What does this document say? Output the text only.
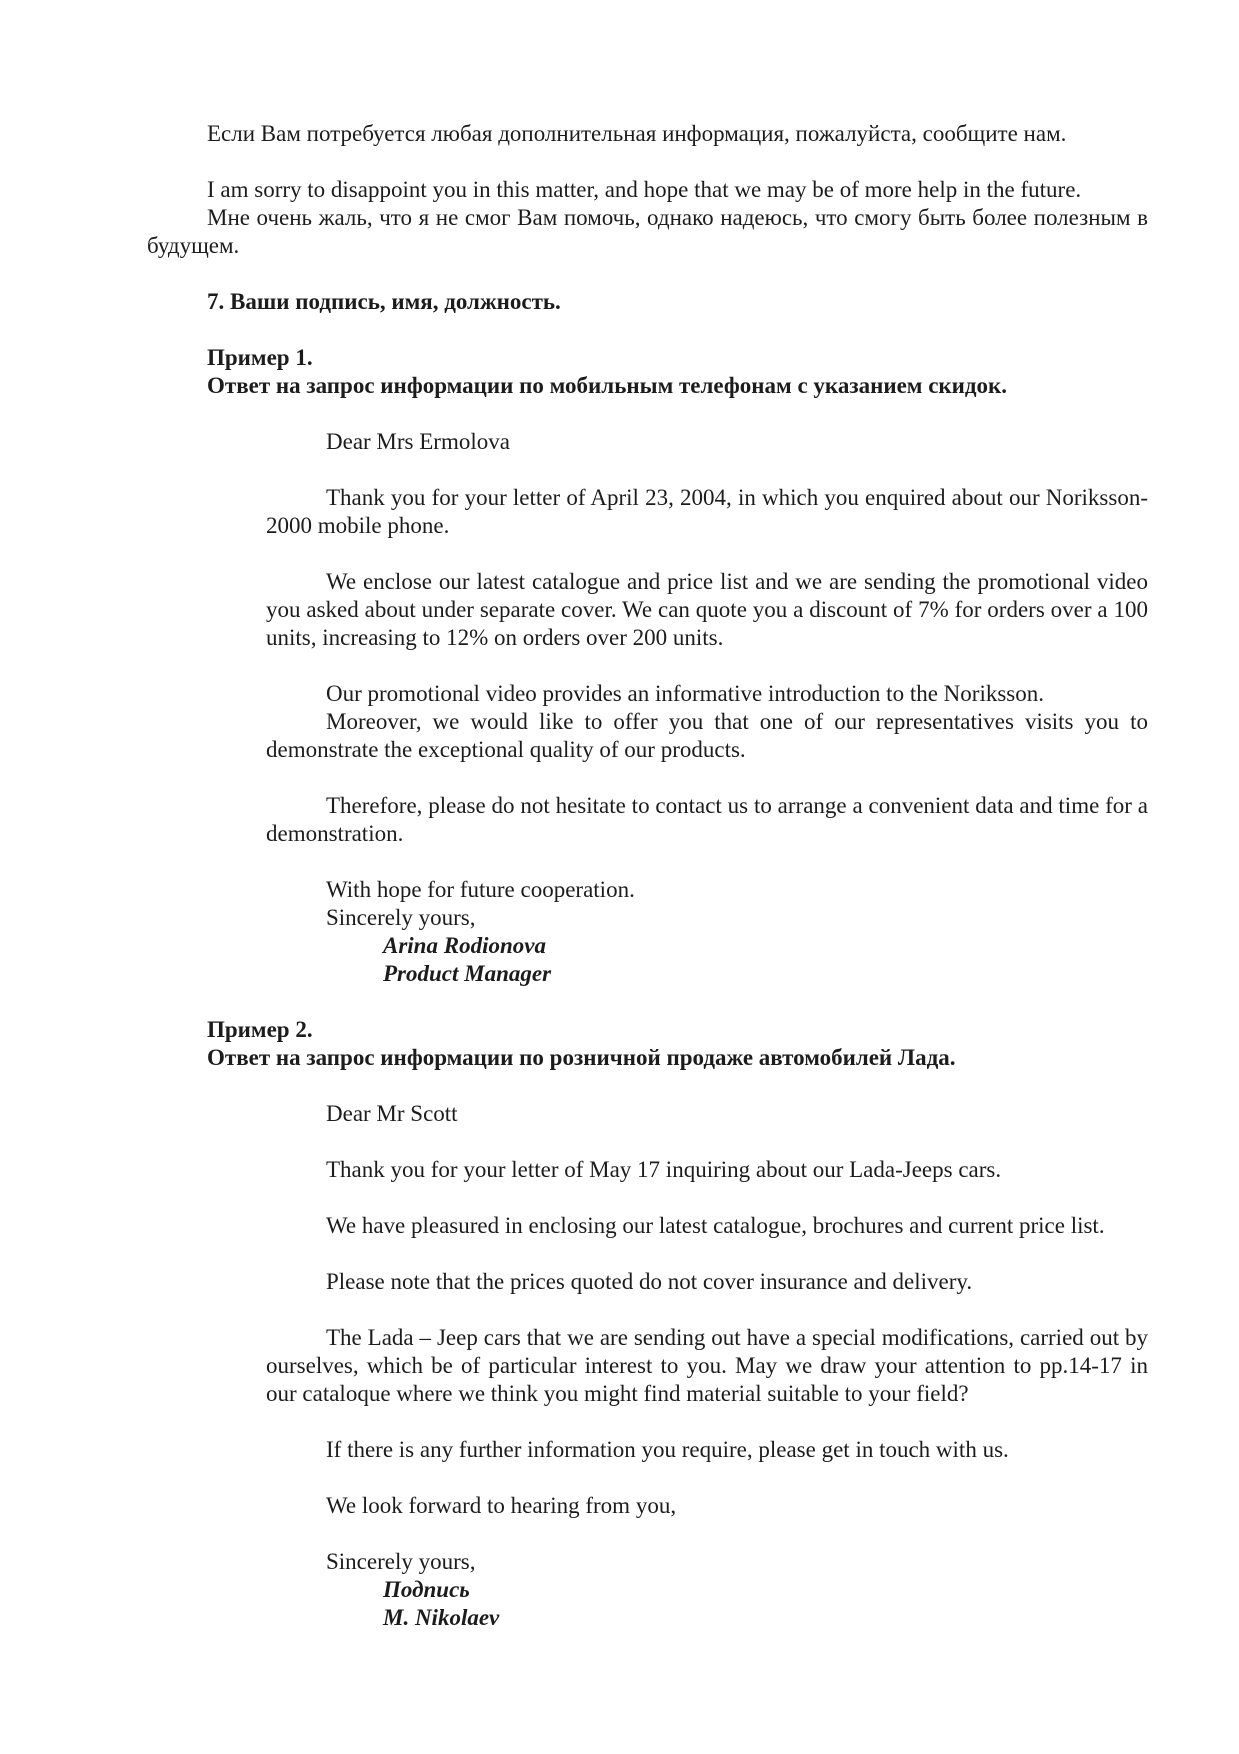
Если Вам потребуется любая дополнительная информация, пожалуйста, сообщите нам.

I am sorry to disappoint you in this matter, and hope that we may be of more help in the future.

Мне очень жаль, что я не смог Вам помочь, однако надеюсь, что смогу быть более полезным в будущем.

7. Ваши подпись, имя, должность.

Пример 1.

Ответ на запрос информации по мобильным телефонам с указанием скидок.

Dear Mrs Ermolova

Thank you for your letter of April 23, 2004, in which you enquired about our Noriksson-2000 mobile phone.

We enclose our latest catalogue and price list and we are sending the promotional video you asked about under separate cover. We can quote you a discount of 7% for orders over a 100 units, increasing to 12% on orders over 200 units.

Our promotional video provides an informative introduction to the Noriksson.

Moreover, we would like to offer you that one of our representatives visits you to demonstrate the exceptional quality of our products.

Therefore, please do not hesitate to contact us to arrange a convenient data and time for a demonstration.

With hope for future cooperation.

Sincerely yours,

Arina Rodionova

Product Manager

Пример 2.

Ответ на запрос информации по розничной продаже автомобилей Лада.

Dear Mr Scott

Thank you for your letter of May 17 inquiring about our Lada-Jeeps cars.

We have pleasured in enclosing our latest catalogue, brochures and current price list.

Please note that the prices quoted do not cover insurance and delivery.

The Lada – Jeep cars that we are sending out have a special modifications, carried out by ourselves, which be of particular interest to you. May we draw your attention to pp.14-17 in our cataloque where we think you might find material suitable to your field?

If there is any further information you require, please get in touch with us.

We look forward to hearing from you,

Sincerely yours,

Подпись

M. Nikolaev
